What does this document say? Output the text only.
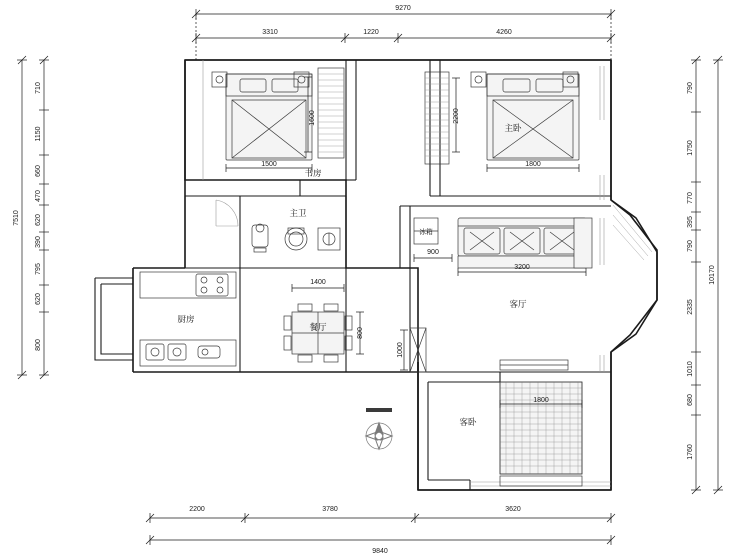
9270
3310	1220	4260
2200	3780	3620
9840
710
1150
660
470
620
390
795
620
800
7510
790
1750
770
395
790
2335
1010
680
1760
10170
1500
1600
书房
1800
2200
主卧
主卫
厨房
1400
800
餐厅
1000
冰箱
900
3200
客厅
1800
客卧
